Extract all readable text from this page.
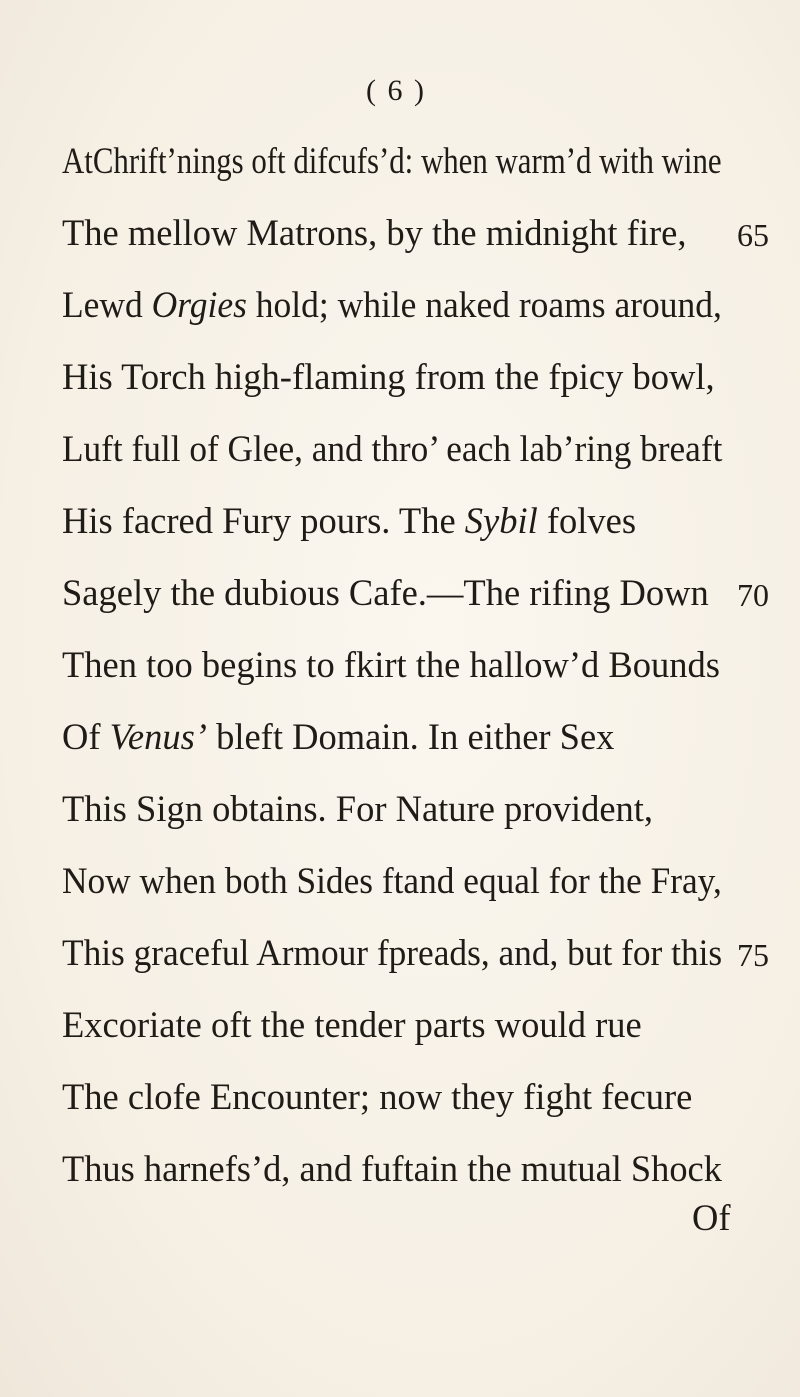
( 6 )
AtChrift’nings oft difcufs’d: when warm’d with wine
The mellow Matrons, by the midnight fire, 65
Lewd Orgies hold; while naked roams around,
His Torch high-flaming from the fpicy bowl,
Luft full of Glee, and thro’ each lab’ring breaft
His facred Fury pours. The Sybil folves
Sagely the dubious Cafe.—The rifing Down 70
Then too begins to fkirt the hallow’d Bounds
Of Venus’ bleft Domain. In either Sex
This Sign obtains. For Nature provident,
Now when both Sides ftand equal for the Fray,
This graceful Armour fpreads, and, but for this 75
Excoriate oft the tender parts would rue
The clofe Encounter; now they fight fecure
Thus harnefs’d, and fuftain the mutual Shock
Of
